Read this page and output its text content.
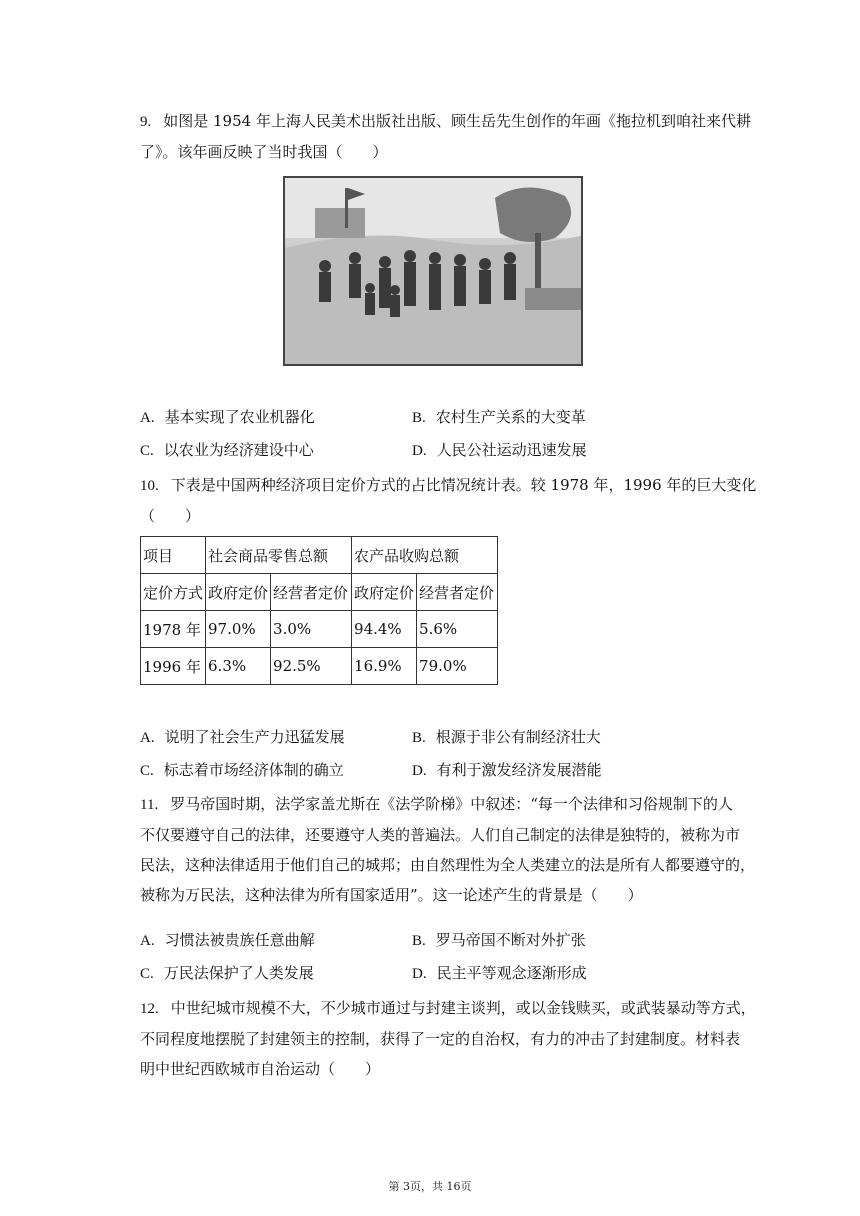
9. 如图是 1954 年上海人民美术出版社出版、顾生岳先生创作的年画《拖拉机到咱社来代耕
了》。该年画反映了当时我国（　　）
A. 基本实现了农业机器化	B. 农村生产关系的大变革
C. 以农业为经济建设中心	D. 人民公社运动迅速发展
10. 下表是中国两种经济项目定价方式的占比情况统计表。较 1978 年，1996 年的巨大变化
（　　）
项目	社会商品零售总额		农产品收购总额	
定价方式	政府定价	经营者定价	政府定价	经营者定价
1978 年	97.0%	3.0%	94.4%	5.6%
1996 年	6.3%	92.5%	16.9%	79.0%
A. 说明了社会生产力迅猛发展	B. 根源于非公有制经济壮大
C. 标志着市场经济体制的确立	D. 有利于激发经济发展潜能
11. 罗马帝国时期，法学家盖尤斯在《法学阶梯》中叙述：“每一个法律和习俗规制下的人
不仅要遵守自己的法律，还要遵守人类的普遍法。人们自己制定的法律是独特的，被称为市
民法，这种法律适用于他们自己的城邦；由自然理性为全人类建立的法是所有人都要遵守的，
被称为万民法，这种法律为所有国家适用”。这一论述产生的背景是（　　）
A. 习惯法被贵族任意曲解	B. 罗马帝国不断对外扩张
C. 万民法保护了人类发展	D. 民主平等观念逐渐形成
12. 中世纪城市规模不大，不少城市通过与封建主谈判，或以金钱赎买，或武装暴动等方式，
不同程度地摆脱了封建领主的控制，获得了一定的自治权，有力的冲击了封建制度。材料表
明中世纪西欧城市自治运动（　　）
第 3页，共 16页
